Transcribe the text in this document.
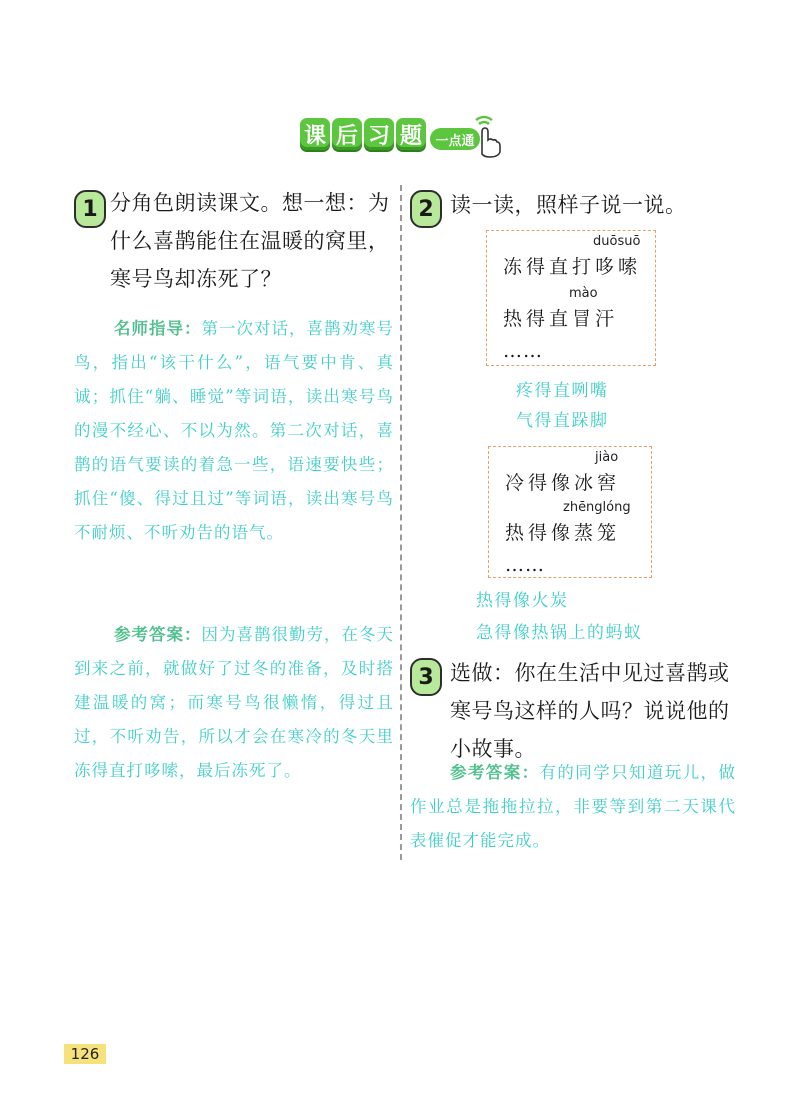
课 后 习 题	一点通
1 分角色朗读课文。想一想：为什么喜鹊能住在温暖的窝里，寒号鸟却冻死了？
名师指导：第一次对话，喜鹊劝寒号鸟，指出“该干什么”，语气要中肯、真诚；抓住“躺、睡觉”等词语，读出寒号鸟的漫不经心、不以为然。第二次对话，喜鹊的语气要读的着急一些，语速要快些；抓住“傻、得过且过”等词语，读出寒号鸟不耐烦、不听劝告的语气。
参考答案：因为喜鹊很勤劳，在冬天到来之前，就做好了过冬的准备，及时搭建温暖的窝；而寒号鸟很懒惰，得过且过，不听劝告，所以才会在寒冷的冬天里冻得直打哆嗦，最后冻死了。
2 读一读，照样子说一说。
duōsuō
冻得直打哆嗦
mào
热得直冒汗
……
疼得直咧嘴
气得直跺脚
jiào
冷得像冰窖
zhēnglóng
热得像蒸笼
……
热得像火炭
急得像热锅上的蚂蚁
3 选做：你在生活中见过喜鹊或寒号鸟这样的人吗？说说他的小故事。
参考答案：有的同学只知道玩儿，做作业总是拖拖拉拉，非要等到第二天课代表催促才能完成。
126
